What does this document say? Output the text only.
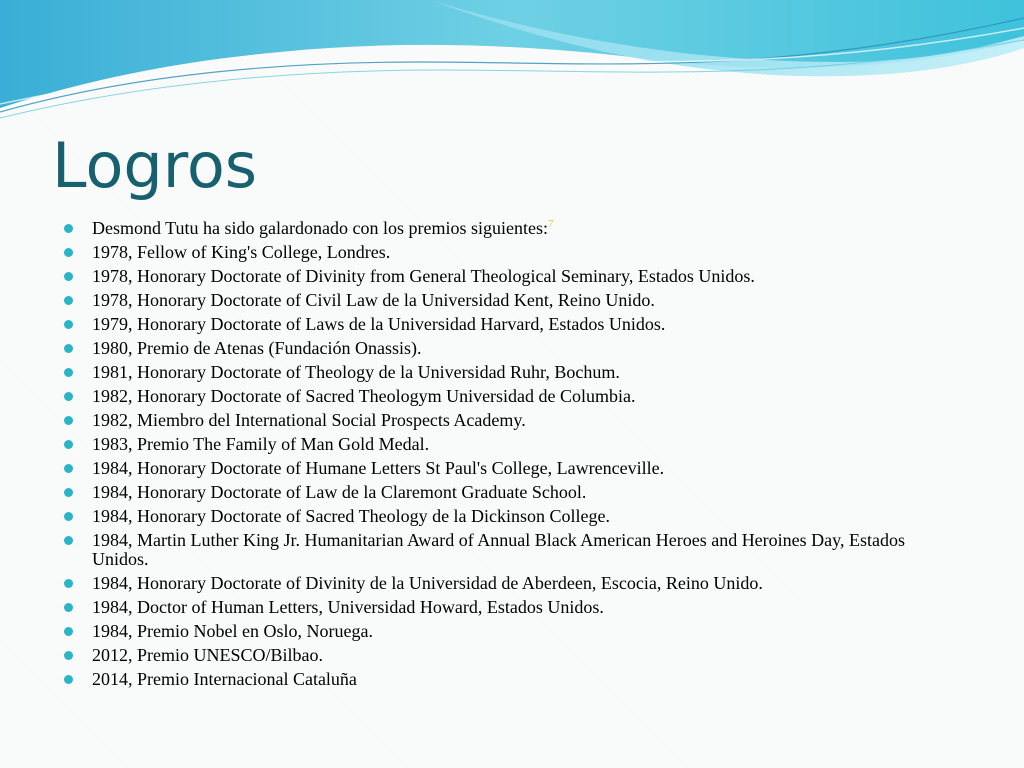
Logros
Desmond Tutu ha sido galardonado con los premios siguientes:$^7$
1978, Fellow of King's College, Londres.
1978, Honorary Doctorate of Divinity from General Theological Seminary, Estados Unidos.
1978, Honorary Doctorate of Civil Law de la Universidad Kent, Reino Unido.
1979, Honorary Doctorate of Laws de la Universidad Harvard, Estados Unidos.
1980, Premio de Atenas (Fundación Onassis).
1981, Honorary Doctorate of Theology de la Universidad Ruhr, Bochum.
1982, Honorary Doctorate of Sacred Theologym Universidad de Columbia.
1982, Miembro del International Social Prospects Academy.
1983, Premio The Family of Man Gold Medal.
1984, Honorary Doctorate of Humane Letters St Paul's College, Lawrenceville.
1984, Honorary Doctorate of Law de la Claremont Graduate School.
1984, Honorary Doctorate of Sacred Theology de la Dickinson College.
1984, Martin Luther King Jr. Humanitarian Award of Annual Black American Heroes and Heroines Day, Estados Unidos.
1984, Honorary Doctorate of Divinity de la Universidad de Aberdeen, Escocia, Reino Unido.
1984, Doctor of Human Letters, Universidad Howard, Estados Unidos.
1984, Premio Nobel en Oslo, Noruega.
2012, Premio UNESCO/Bilbao.
2014, Premio Internacional Cataluña
